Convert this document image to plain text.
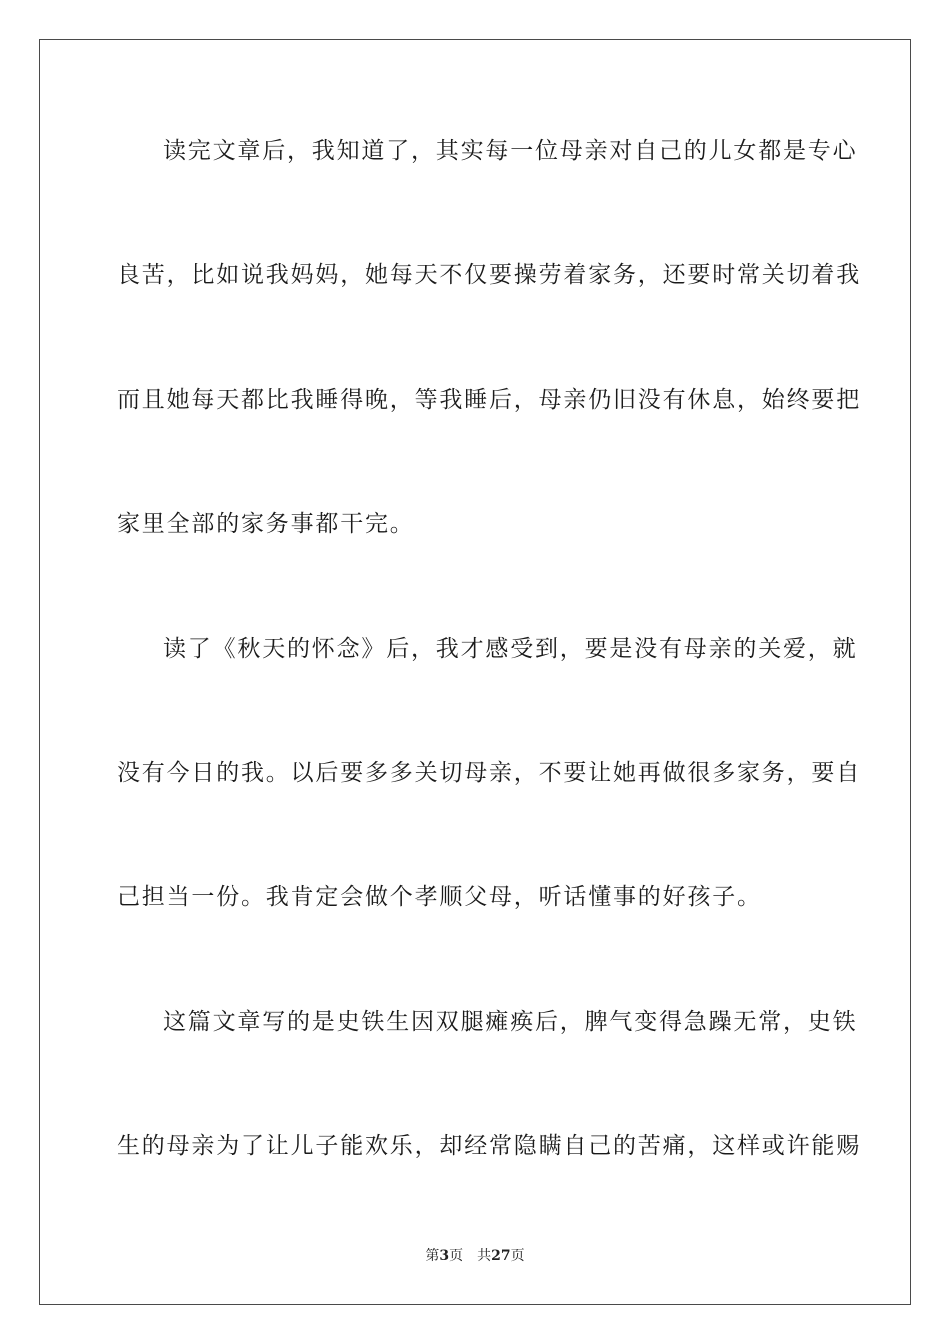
读完文章后，我知道了，其实每一位母亲对自己的儿女都是专心
良苦，比如说我妈妈，她每天不仅要操劳着家务，还要时常关切着我
而且她每天都比我睡得晚，等我睡后，母亲仍旧没有休息，始终要把
家里全部的家务事都干完。
读了《秋天的怀念》后，我才感受到，要是没有母亲的关爱，就
没有今日的我。以后要多多关切母亲，不要让她再做很多家务，要自
己担当一份。我肯定会做个孝顺父母，听话懂事的好孩子。
这篇文章写的是史铁生因双腿瘫痪后，脾气变得急躁无常，史铁
生的母亲为了让儿子能欢乐，却经常隐瞒自己的苦痛，这样或许能赐
第3页 共27页
